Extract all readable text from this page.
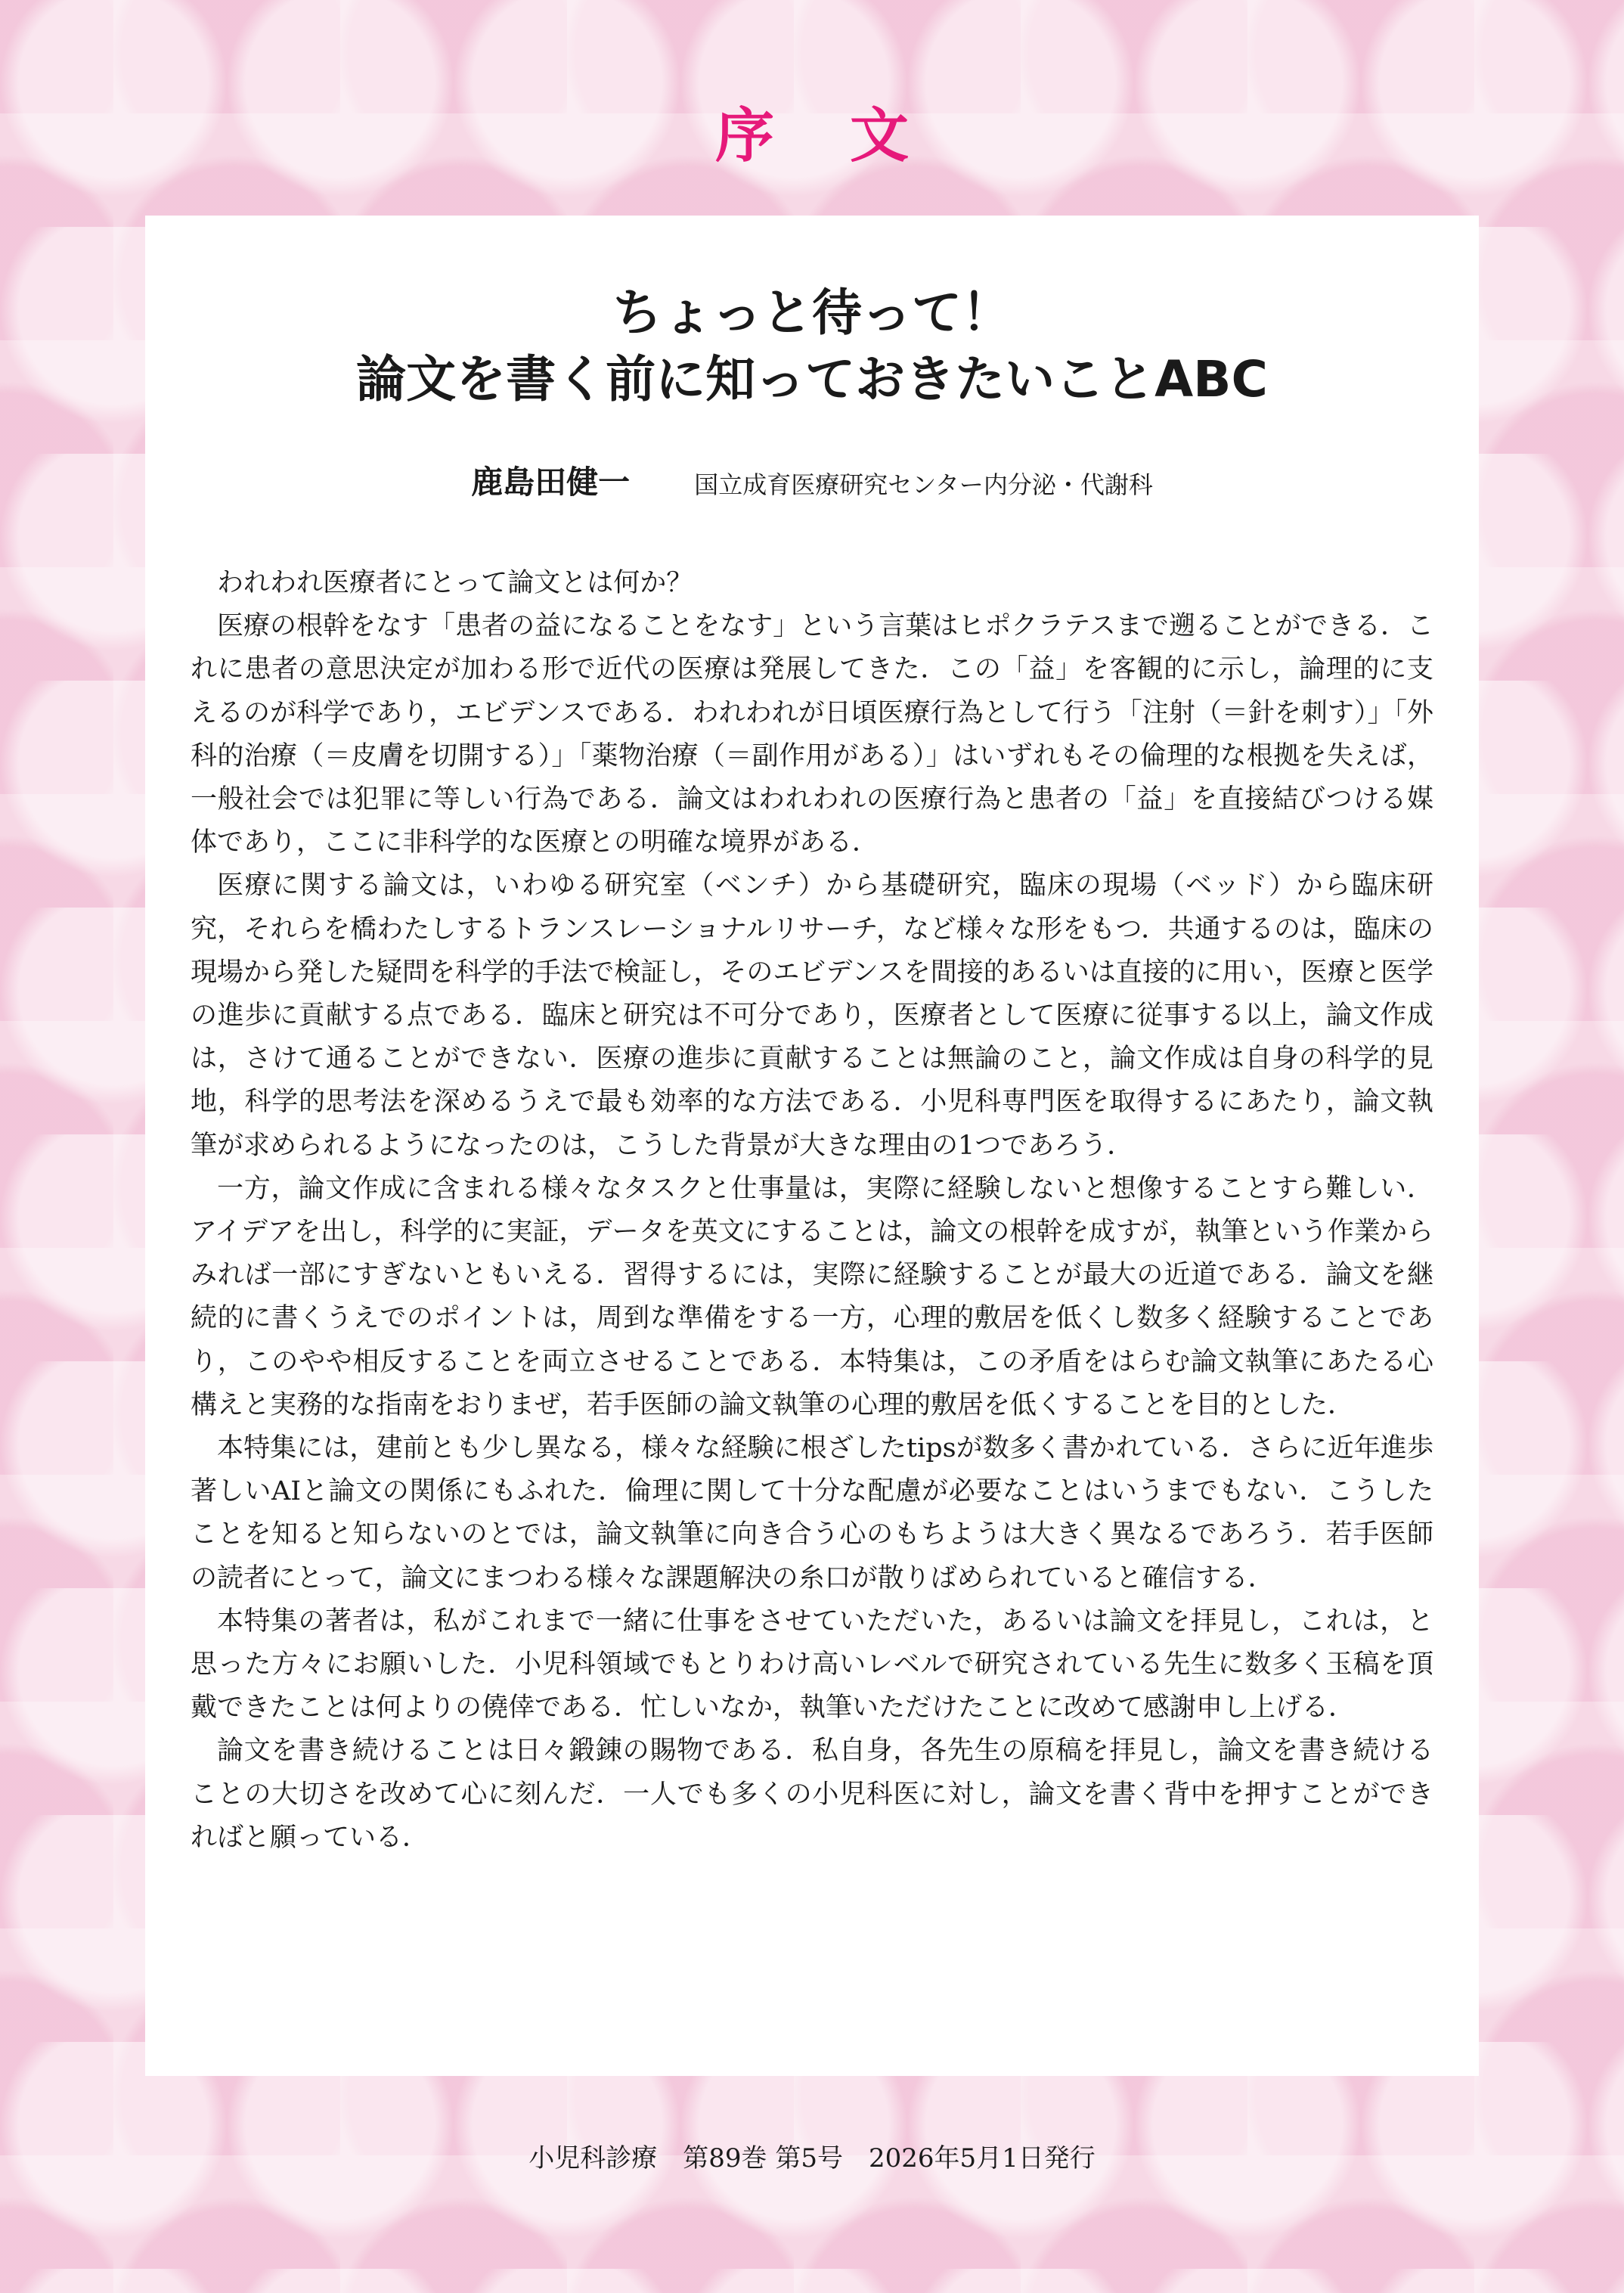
序文
ちょっと待って！
論文を書く前に知っておきたいことABC
鹿島田健一	国立成育医療研究センター内分泌・代謝科

われわれ医療者にとって論文とは何か？

医療の根幹をなす「患者の益になることをなす」という言葉はヒポクラテスまで遡ることができる．これに患者の意思決定が加わる形で近代の医療は発展してきた．この「益」を客観的に示し，論理的に支えるのが科学であり，エビデンスである．われわれが日頃医療行為として行う「注射（＝針を刺す）」「外科的治療（＝皮膚を切開する）」「薬物治療（＝副作用がある）」はいずれもその倫理的な根拠を失えば，一般社会では犯罪に等しい行為である．論文はわれわれの医療行為と患者の「益」を直接結びつける媒体であり，ここに非科学的な医療との明確な境界がある．

医療に関する論文は，いわゆる研究室（ベンチ）から基礎研究，臨床の現場（ベッド）から臨床研究，それらを橋わたしするトランスレーショナルリサーチ，など様々な形をもつ．共通するのは，臨床の現場から発した疑問を科学的手法で検証し，そのエビデンスを間接的あるいは直接的に用い，医療と医学の進歩に貢献する点である．臨床と研究は不可分であり，医療者として医療に従事する以上，論文作成は，さけて通ることができない．医療の進歩に貢献することは無論のこと，論文作成は自身の科学的見地，科学的思考法を深めるうえで最も効率的な方法である．小児科専門医を取得するにあたり，論文執筆が求められるようになったのは，こうした背景が大きな理由の1つであろう．

一方，論文作成に含まれる様々なタスクと仕事量は，実際に経験しないと想像することすら難しい．アイデアを出し，科学的に実証，データを英文にすることは，論文の根幹を成すが，執筆という作業からみれば一部にすぎないともいえる．習得するには，実際に経験することが最大の近道である．論文を継続的に書くうえでのポイントは，周到な準備をする一方，心理的敷居を低くし数多く経験することであり，このやや相反することを両立させることである．本特集は，この矛盾をはらむ論文執筆にあたる心構えと実務的な指南をおりまぜ，若手医師の論文執筆の心理的敷居を低くすることを目的とした．

本特集には，建前とも少し異なる，様々な経験に根ざしたtipsが数多く書かれている．さらに近年進歩著しいAIと論文の関係にもふれた．倫理に関して十分な配慮が必要なことはいうまでもない．こうしたことを知ると知らないのとでは，論文執筆に向き合う心のもちようは大きく異なるであろう．若手医師の読者にとって，論文にまつわる様々な課題解決の糸口が散りばめられていると確信する．

本特集の著者は，私がこれまで一緒に仕事をさせていただいた，あるいは論文を拝見し，これは，と思った方々にお願いした．小児科領域でもとりわけ高いレベルで研究されている先生に数多く玉稿を頂戴できたことは何よりの僥倖である．忙しいなか，執筆いただけたことに改めて感謝申し上げる．

論文を書き続けることは日々鍛錬の賜物である．私自身，各先生の原稿を拝見し，論文を書き続けることの大切さを改めて心に刻んだ．一人でも多くの小児科医に対し，論文を書く背中を押すことができればと願っている．

小児科診療　第89巻 第5号　2026年5月1日発行
